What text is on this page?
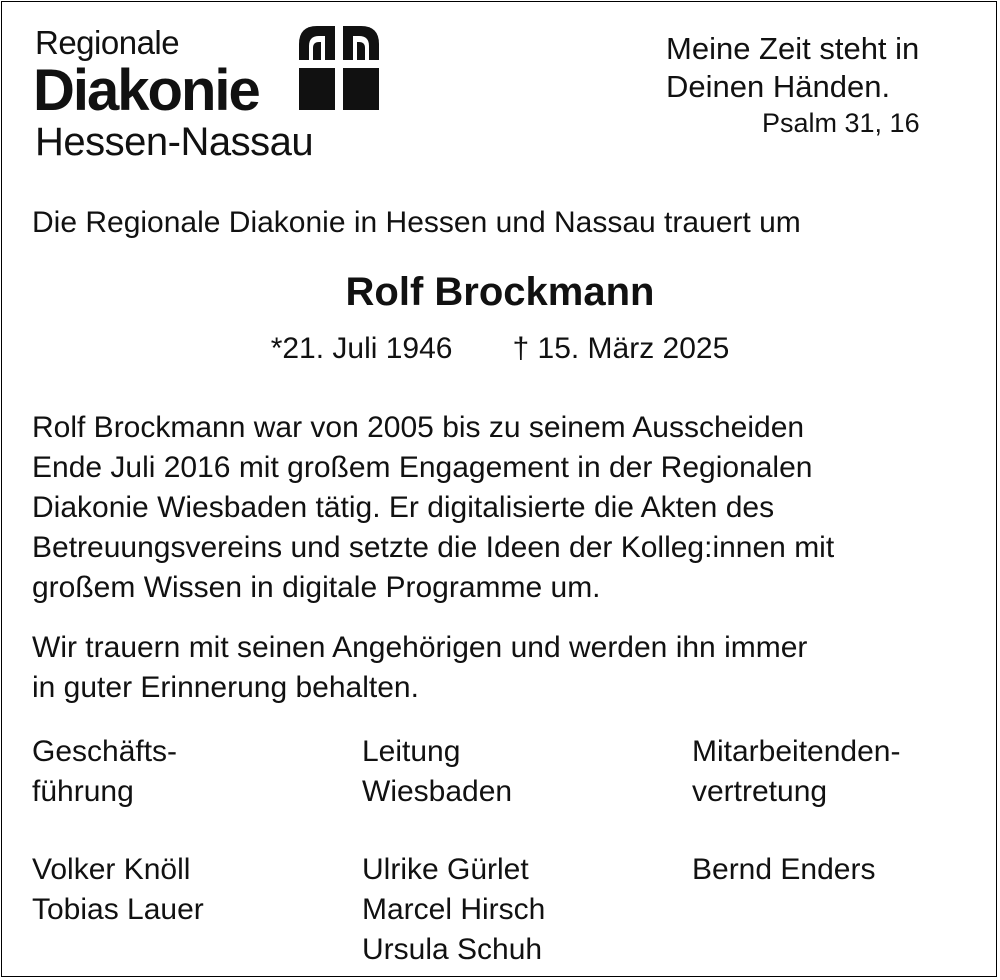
Regionale
Diakonie
Hessen-Nassau
Meine Zeit steht in
Deinen Händen.
Psalm 31, 16
Die Regionale Diakonie in Hessen und Nassau trauert um
Rolf Brockmann
*21. Juli 1946 † 15. März 2025
Rolf Brockmann war von 2005 bis zu seinem Ausscheiden
Ende Juli 2016 mit großem Engagement in der Regionalen
Diakonie Wiesbaden tätig. Er digitalisierte die Akten des
Betreuungsvereins und setzte die Ideen der Kolleg:innen mit
großem Wissen in digitale Programme um.
Wir trauern mit seinen Angehörigen und werden ihn immer
in guter Erinnerung behalten.
Geschäfts-
führung
Leitung
Wiesbaden
Mitarbeitenden-
vertretung
Volker Knöll
Tobias Lauer
Ulrike Gürlet
Marcel Hirsch
Ursula Schuh
Bernd Enders
